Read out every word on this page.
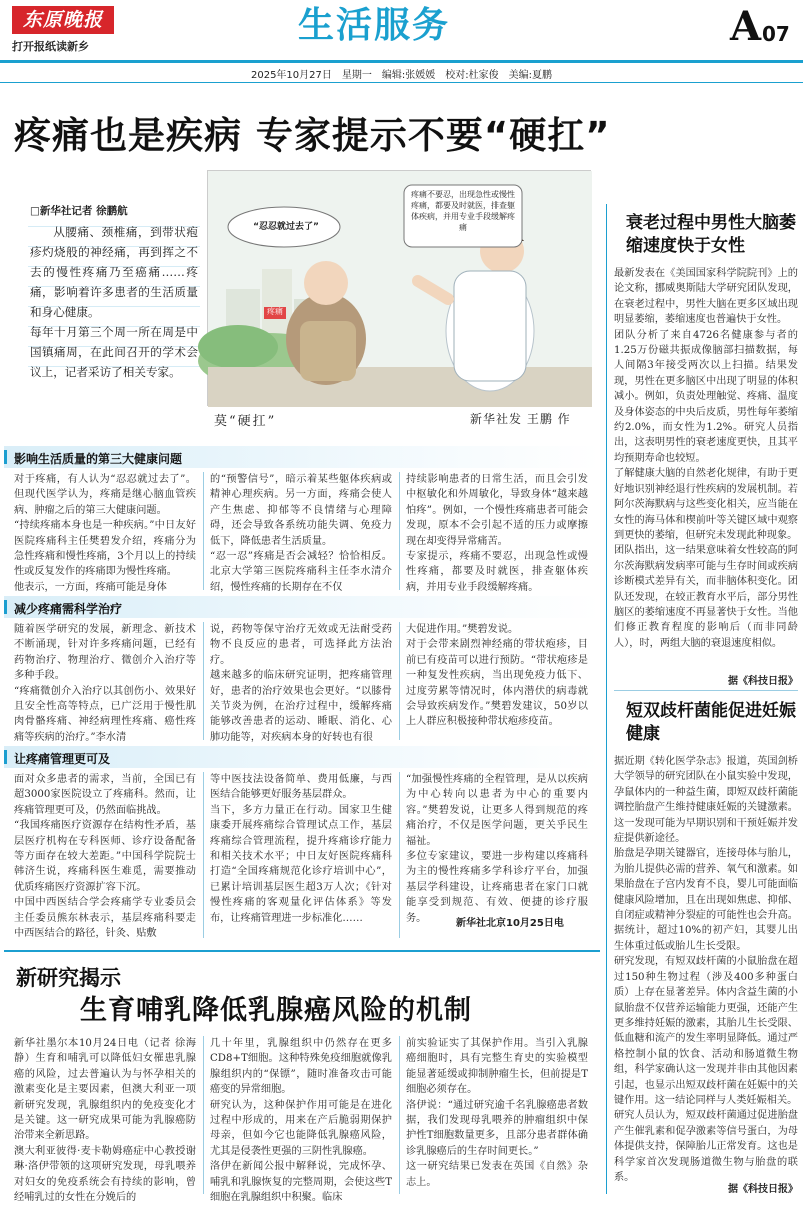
东原晚报
打开报纸读新乡
生活服务	A 07
2025年10月27日　星期一　编辑:张媛媛　校对:杜家俊　美编:夏鹏
疼痛也是疾病 专家提示不要“硬扛”
□新华社记者 徐鹏航
从腰痛、颈椎痛，到带状疱疹灼烧般的神经痛，再到挥之不去的慢性疼痛乃至癌痛……疼痛，影响着许多患者的生活质量和身心健康。
每年十月第三个周一所在周是中国镇痛周，在此间召开的学术会议上，记者采访了相关专家。
“忍忍就过去了”
疼痛不要忍，出现急性或慢性疼痛，都要及时就医，排查躯体疾病，并用专业手段缓解疼痛
疼痛
莫“硬扛”	新华社发 王鹏 作
影响生活质量的第三大健康问题
对于疼痛，有人认为“忍忍就过去了”。但现代医学认为，疼痛是继心脑血管疾病、肿瘤之后的第三大健康问题。
“持续疼痛本身也是一种疾病。”中日友好医院疼痛科主任樊碧发介绍，疼痛分为急性疼痛和慢性疼痛，3个月以上的持续性或反复发作的疼痛即为慢性疼痛。
他表示，一方面，疼痛可能是身体
的“预警信号”，暗示着某些躯体疾病或精神心理疾病。另一方面，疼痛会使人产生焦虑、抑郁等不良情绪与心理障碍，还会导致各系统功能失调、免疫力低下，降低患者生活质量。
“忍一忍”疼痛是否会减轻？恰恰相反。北京大学第三医院疼痛科主任李水清介绍，慢性疼痛的长期存在不仅
持续影响患者的日常生活，而且会引发中枢敏化和外周敏化，导致身体“越来越怕疼”。例如，一个慢性疼痛患者可能会发现，原本不会引起不适的压力或摩擦现在却变得异常痛苦。
专家提示，疼痛不要忍，出现急性或慢性疼痛，都要及时就医，排查躯体疾病，并用专业手段缓解疼痛。
减少疼痛需科学治疗
随着医学研究的发展，新理念、新技术不断涌现，针对许多疼痛问题，已经有药物治疗、物理治疗、微创介入治疗等多种手段。
“疼痛微创介入治疗以其创伤小、效果好且安全性高等特点，已广泛用于慢性肌肉骨骼疼痛、神经病理性疼痛、癌性疼痛等疾病的治疗。”李水清
说，药物等保守治疗无效或无法耐受药物不良反应的患者，可选择此方法治疗。
越来越多的临床研究证明，把疼痛管理好，患者的治疗效果也会更好。“以膝骨关节炎为例，在治疗过程中，缓解疼痛能够改善患者的运动、睡眠、消化、心肺功能等，对疾病本身的好转也有很
大促进作用。”樊碧发说。
对于会带来剧烈神经痛的带状疱疹，目前已有疫苗可以进行预防。“带状疱疹是一种复发性疾病，当出现免疫力低下、过度劳累等情况时，体内潜伏的病毒就会导致疾病发作。”樊碧发建议，50岁以上人群应积极接种带状疱疹疫苗。
让疼痛管理更可及
面对众多患者的需求，当前，全国已有超3000家医院设立了疼痛科。然而，让疼痛管理更可及，仍然面临挑战。
“我国疼痛医疗资源存在结构性矛盾，基层医疗机构在专科医师、诊疗设备配备等方面存在较大差距。”中国科学院院士韩济生说，疼痛科医生难觅，需要推动优质疼痛医疗资源扩容下沉。
中国中西医结合学会疼痛学专业委员会主任委员熊东林表示，基层疼痛科要走中西医结合的路径，针灸、贴敷
等中医技法设备简单、费用低廉，与西医结合能够更好服务基层群众。
当下，多方力量正在行动。国家卫生健康委开展疼痛综合管理试点工作，基层疼痛综合管理流程，提升疼痛诊疗能力和相关技术水平；中日友好医院疼痛科打造“全国疼痛规范化诊疗培训中心”，已累计培训基层医生超3万人次；《针对慢性疼痛的客观量化评估体系》等发布，让疼痛管理进一步标准化……
“加强慢性疼痛的全程管理，是从以疾病为中心转向以患者为中心的重要内容。”樊碧发说，让更多人得到规范的疼痛治疗，不仅是医学问题，更关乎民生福祉。
多位专家建议，要进一步构建以疼痛科为主的慢性疼痛多学科诊疗平台，加强基层学科建设，让疼痛患者在家门口就能享受到规范、有效、便捷的诊疗服务。	新华社北京10月25日电
新研究揭示
生育哺乳降低乳腺癌风险的机制
新华社墨尔本10月24日电（记者 徐海静）生育和哺乳可以降低妇女罹患乳腺癌的风险，过去普遍认为与怀孕相关的激素变化是主要因素，但澳大利亚一项新研究发现，乳腺组织内的免疫变化才是关键。这一研究成果可能为乳腺癌防治带来全新思路。
澳大利亚彼得·麦卡勒姆癌症中心教授谢琳·洛伊带领的这项研究发现，母乳喂养对妇女的免疫系统会有持续的影响，曾经哺乳过的女性在分娩后的
几十年里，乳腺组织中仍然存在更多CD8+T细胞。这种特殊免疫细胞就像乳腺组织内的“保镖”，随时准备攻击可能癌变的异常细胞。
研究认为，这种保护作用可能是在进化过程中形成的，用来在产后脆弱期保护母亲，但如今它也能降低乳腺癌风险，尤其是侵袭性更强的三阴性乳腺癌。
洛伊在新闻公报中解释说，完成怀孕、哺乳和乳腺恢复的完整周期，会使这些T细胞在乳腺组织中积聚。临床
前实验证实了其保护作用。当引入乳腺癌细胞时，具有完整生育史的实验模型能显著延缓或抑制肿瘤生长，但前提是T细胞必须存在。
洛伊说：“通过研究逾千名乳腺癌患者数据，我们发现母乳喂养的肿瘤组织中保护性T细胞数量更多，且部分患者群体确诊乳腺癌后的生存时间更长。”
这一研究结果已发表在英国《自然》杂志上。
衰老过程中男性大脑萎缩速度快于女性
最新发表在《美国国家科学院院刊》上的论文称，挪威奥斯陆大学研究团队发现，在衰老过程中，男性大脑在更多区域出现明显萎缩，萎缩速度也普遍快于女性。
团队分析了来自4726名健康参与者的1.25万份磁共振成像脑部扫描数据，每人间隔3年接受两次以上扫描。结果发现，男性在更多脑区中出现了明显的体积减小。例如，负责处理触觉、疼痛、温度及身体姿态的中央后皮质，男性每年萎缩约2.0%，而女性为1.2%。研究人员指出，这表明男性的衰老速度更快，且其平均预期寿命也较短。
了解健康大脑的自然老化规律，有助于更好地识别神经退行性疾病的发展机制。若阿尔茨海默病与这些变化相关，应当能在女性的海马体和楔前叶等关键区域中观察到更快的萎缩，但研究未发现此种现象。
团队指出，这一结果意味着女性较高的阿尔茨海默病发病率可能与生存时间或疾病诊断模式差异有关，而非脑体积变化。团队还发现，在较正教育水平后，部分男性脑区的萎缩速度不再显著快于女性。当他们修正教育程度的影响后（而非同龄人），时，两组大脑的衰退速度相似。
据《科技日报》
短双歧杆菌能促进妊娠健康
据近期《转化医学杂志》报道，英国剑桥大学领导的研究团队在小鼠实验中发现，孕鼠体内的一种益生菌，即短双歧杆菌能调控胎盘产生维持健康妊娠的关键激素。这一发现可能为早期识别和干预妊娠并发症提供新途径。
胎盘是孕期关键器官，连接母体与胎儿，为胎儿提供必需的营养、氧气和激素。如果胎盘在子宫内发育不良，婴儿可能面临健康风险增加，且在出现如焦虑、抑郁、自闭症或精神分裂症的可能性也会升高。据统计，超过10%的初产妇，其婴儿出生体重过低或胎儿生长受限。
研究发现，有短双歧杆菌的小鼠胎盘在超过150种生物过程（涉及400多种蛋白质）上存在显著差异。体内含益生菌的小鼠胎盘不仅营养运输能力更强，还能产生更多维持妊娠的激素，其胎儿生长受限、低血糖和流产的发生率明显降低。通过严格控制小鼠的饮食、活动和肠道微生物组，科学家确认这一发现并非由其他因素引起，也显示出短双歧杆菌在妊娠中的关键作用。这一结论同样与人类妊娠相关。
研究人员认为，短双歧杆菌通过促进胎盘产生催乳素和促孕激素等信号蛋白，为母体提供支持，保障胎儿正常发育。这也是科学家首次发现肠道微生物与胎盘的联系。
据《科技日报》
